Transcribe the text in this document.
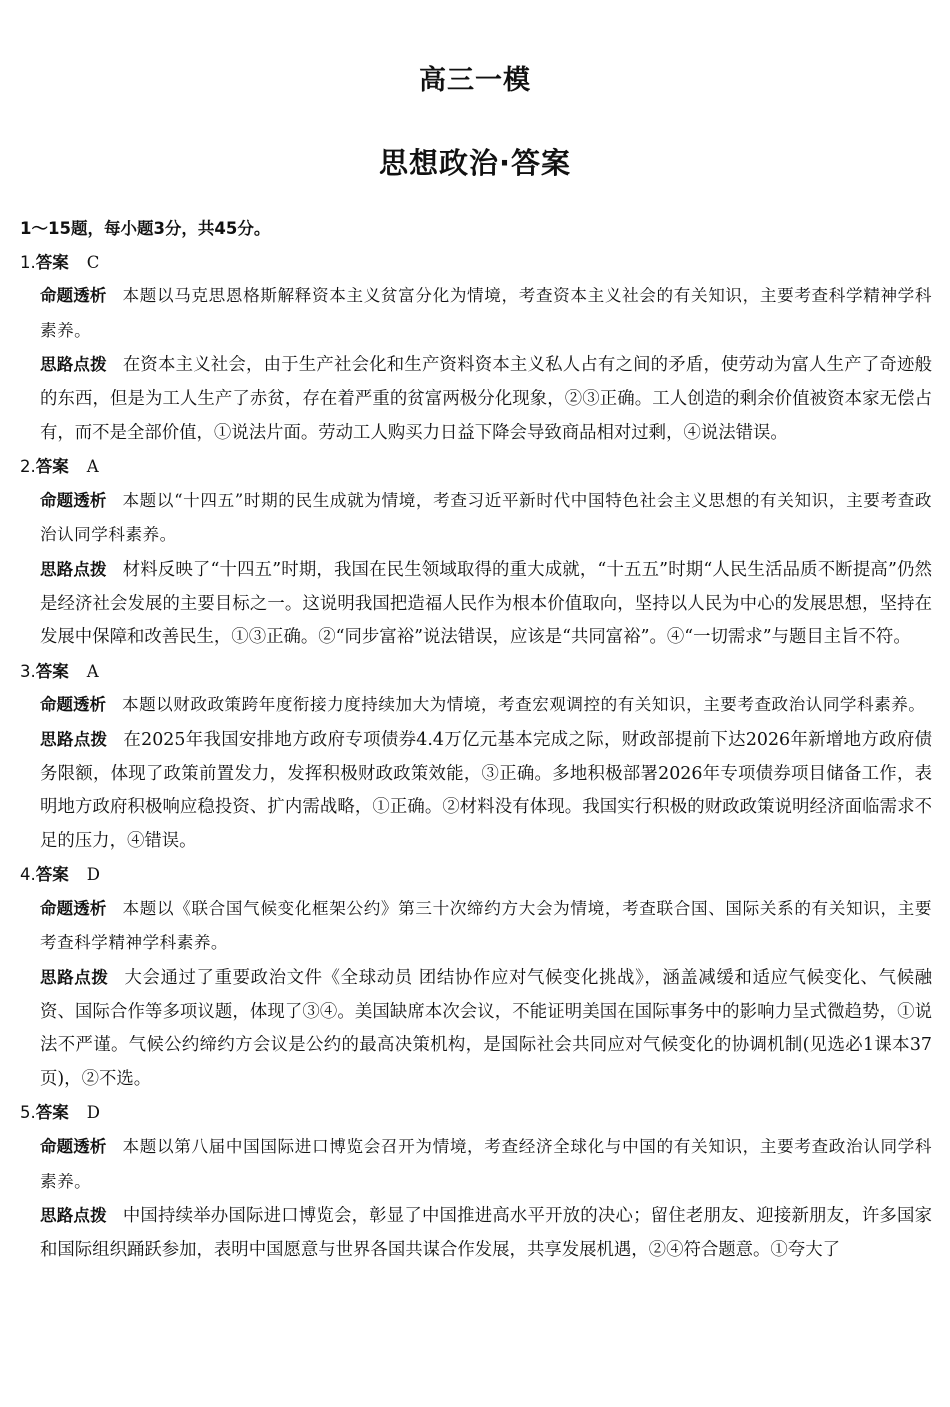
高三一模
思想政治·答案
1～15题，每小题3分，共45分。
1.答案 C
命题透析 本题以马克思恩格斯解释资本主义贫富分化为情境，考查资本主义社会的有关知识，主要考查科学精神学科素养。
思路点拨 在资本主义社会，由于生产社会化和生产资料资本主义私人占有之间的矛盾，使劳动为富人生产了奇迹般的东西，但是为工人生产了赤贫，存在着严重的贫富两极分化现象，②③正确。工人创造的剩余价值被资本家无偿占有，而不是全部价值，①说法片面。劳动工人购买力日益下降会导致商品相对过剩，④说法错误。
2.答案 A
命题透析 本题以“十四五”时期的民生成就为情境，考查习近平新时代中国特色社会主义思想的有关知识，主要考查政治认同学科素养。
思路点拨 材料反映了“十四五”时期，我国在民生领域取得的重大成就，“十五五”时期“人民生活品质不断提高”仍然是经济社会发展的主要目标之一。这说明我国把造福人民作为根本价值取向，坚持以人民为中心的发展思想，坚持在发展中保障和改善民生，①③正确。②“同步富裕”说法错误，应该是“共同富裕”。④“一切需求”与题目主旨不符。
3.答案 A
命题透析 本题以财政政策跨年度衔接力度持续加大为情境，考查宏观调控的有关知识，主要考查政治认同学科素养。
思路点拨 在2025年我国安排地方政府专项债券4.4万亿元基本完成之际，财政部提前下达2026年新增地方政府债务限额，体现了政策前置发力，发挥积极财政政策效能，③正确。多地积极部署2026年专项债券项目储备工作，表明地方政府积极响应稳投资、扩内需战略，①正确。②材料没有体现。我国实行积极的财政政策说明经济面临需求不足的压力，④错误。
4.答案 D
命题透析 本题以《联合国气候变化框架公约》第三十次缔约方大会为情境，考查联合国、国际关系的有关知识，主要考查科学精神学科素养。
思路点拨 大会通过了重要政治文件《全球动员 团结协作应对气候变化挑战》，涵盖减缓和适应气候变化、气候融资、国际合作等多项议题，体现了③④。美国缺席本次会议，不能证明美国在国际事务中的影响力呈式微趋势，①说法不严谨。气候公约缔约方会议是公约的最高决策机构，是国际社会共同应对气候变化的协调机制(见选必1课本37页)，②不选。
5.答案 D
命题透析 本题以第八届中国国际进口博览会召开为情境，考查经济全球化与中国的有关知识，主要考查政治认同学科素养。
思路点拨 中国持续举办国际进口博览会，彰显了中国推进高水平开放的决心；留住老朋友、迎接新朋友，许多国家和国际组织踊跃参加，表明中国愿意与世界各国共谋合作发展，共享发展机遇，②④符合题意。①夸大了
